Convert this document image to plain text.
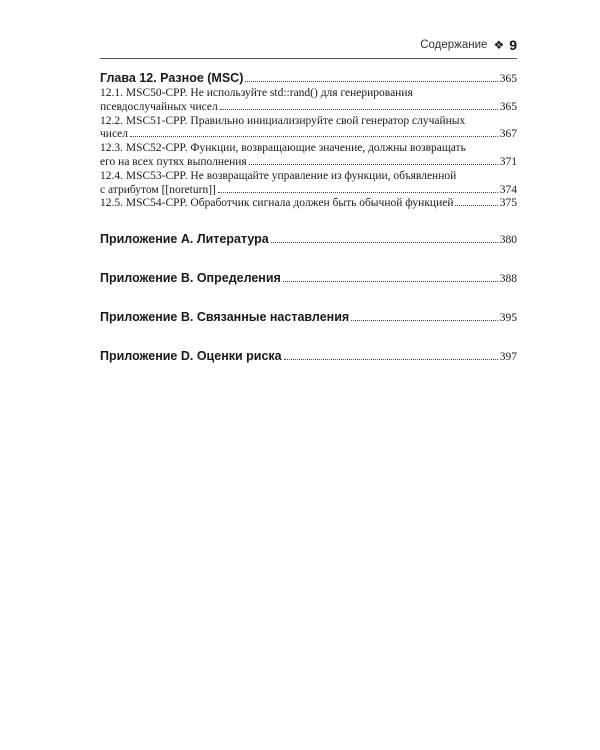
Содержание ❖ 9
Глава 12. Разное (MSC)	365
12.1. MSC50-CPP. Не используйте std::rand() для генерирования
псевдослучайных чисел	365
12.2. MSC51-CPP. Правильно инициализируйте свой генератор случайных
чисел	367
12.3. MSC52-CPP. Функции, возвращающие значение, должны возвращать
его на всех путях выполнения	371
12.4. MSC53-CPP. Не возвращайте управление из функции, объявленной
с атрибутом [[noreturn]]	374
12.5. MSC54-CPP. Обработчик сигнала должен быть обычной функцией	375
Приложение А. Литература	380
Приложение В. Определения	388
Приложение В. Связанные наставления	395
Приложение D. Оценки риска	397
